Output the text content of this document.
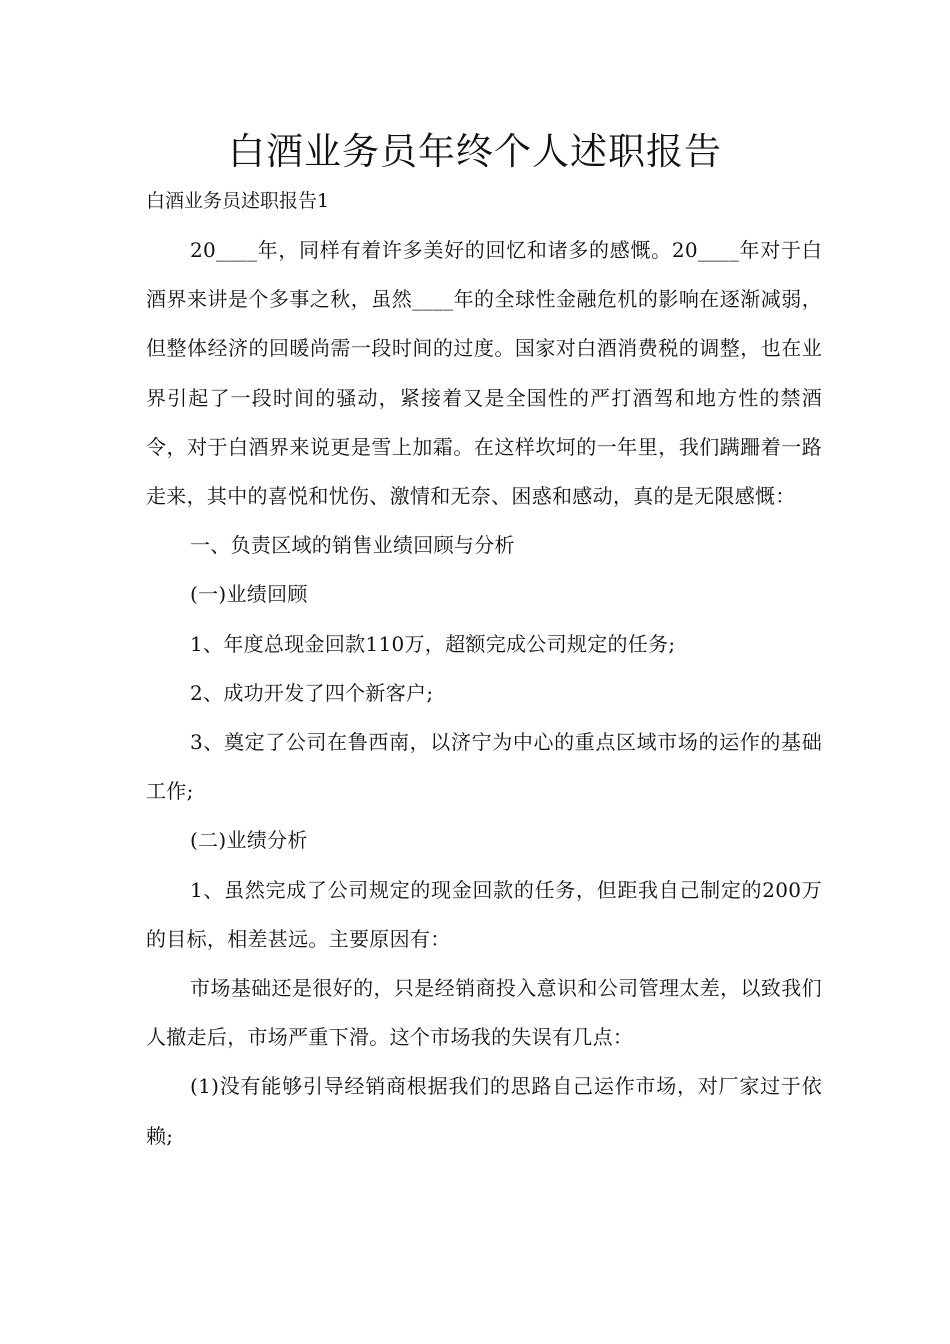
白酒业务员年终个人述职报告
白酒业务员述职报告1

20____年，同样有着许多美好的回忆和诸多的感慨。20____年对于白酒界来讲是个多事之秋，虽然____年的全球性金融危机的影响在逐渐减弱，但整体经济的回暖尚需一段时间的过度。国家对白酒消费税的调整，也在业界引起了一段时间的骚动，紧接着又是全国性的严打酒驾和地方性的禁酒令，对于白酒界来说更是雪上加霜。在这样坎坷的一年里，我们蹒跚着一路走来，其中的喜悦和忧伤、激情和无奈、困惑和感动，真的是无限感慨：

一、负责区域的销售业绩回顾与分析

(一)业绩回顾

1、年度总现金回款110万，超额完成公司规定的任务;

2、成功开发了四个新客户;

3、奠定了公司在鲁西南，以济宁为中心的重点区域市场的运作的基础工作;

(二)业绩分析

1、虽然完成了公司规定的现金回款的任务，但距我自己制定的200万的目标，相差甚远。主要原因有：

市场基础还是很好的，只是经销商投入意识和公司管理太差，以致我们人撤走后，市场严重下滑。这个市场我的失误有几点：

(1)没有能够引导经销商根据我们的思路自己运作市场，对厂家过于依赖;
